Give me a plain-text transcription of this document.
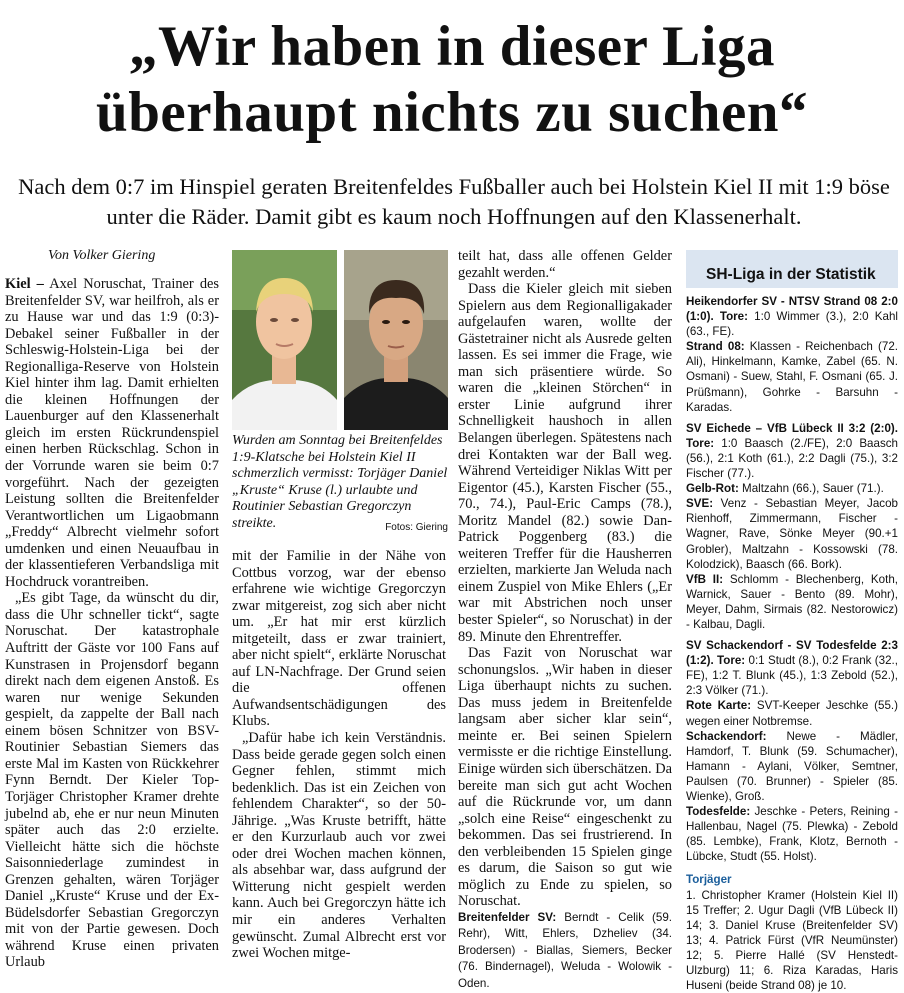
„Wir haben in dieser Liga
überhaupt nichts zu suchen“
Nach dem 0:7 im Hinspiel geraten Breitenfeldes Fußballer auch bei Holstein Kiel II mit 1:9 böse unter die Räder. Damit gibt es kaum noch Hoffnungen auf den Klassenerhalt.
Von Volker Giering

Kiel – Axel Noruschat, Trainer des Breitenfelder SV, war heilfroh, als er zu Hause war und das 1:9 (0:3)-Debakel seiner Fußballer in der Schleswig-Holstein-Liga bei der Regionalliga-Reserve von Holstein Kiel hinter ihm lag. Damit erhielten die kleinen Hoffnungen der Lauenburger auf den Klassenerhalt gleich im ersten Rückrundenspiel einen herben Rückschlag. Schon in der Vorrunde waren sie beim 0:7 vorgeführt. Nach der gezeigten Leistung sollten die Breitenfelder Verantwortlichen um Ligaobmann „Freddy“ Albrecht vielmehr sofort umdenken und einen Neuaufbau in der klassentieferen Verbandsliga mit Hochdruck vorantreiben.

„Es gibt Tage, da wünscht du dir, dass die Uhr schneller tickt“, sagte Noruschat. Der katastrophale Auftritt der Gäste vor 100 Fans auf Kunstrasen in Projensdorf begann direkt nach dem eigenen Anstoß. Es waren nur wenige Sekunden gespielt, da zappelte der Ball nach einem bösen Schnitzer von BSV-Routinier Sebastian Siemers das erste Mal im Kasten von Rückkehrer Fynn Berndt. Der Kieler Top-Torjäger Christopher Kramer drehte jubelnd ab, ehe er nur neun Minuten später auch das 2:0 erzielte. Vielleicht hätte sich die höchste Saisonniederlage zumindest in Grenzen gehalten, wären Torjäger Daniel „Kruste“ Kruse und der Ex-Büdelsdorfer Sebastian Gregorczyn mit von der Partie gewesen. Doch während Kruse einen privaten Urlaub

Wurden am Sonntag bei Breitenfeldes 1:9-Klatsche bei Holstein Kiel II schmerzlich vermisst: Torjäger Daniel „Kruste“ Kruse (l.) urlaubte und Routinier Sebastian Gregorczyn streikte.	Fotos: Giering

mit der Familie in der Nähe von Cottbus vorzog, war der ebenso erfahrene wie wichtige Gregorczyn zwar mitgereist, zog sich aber nicht um. „Er hat mir erst kürzlich mitgeteilt, dass er zwar trainiert, aber nicht spielt“, erklärte Noruschat auf LN-Nachfrage. Der Grund seien die offenen Aufwandsentschädigungen des Klubs.

„Dafür habe ich kein Verständnis. Dass beide gerade gegen solch einen Gegner fehlen, stimmt mich bedenklich. Das ist ein Zeichen von fehlendem Charakter“, so der 50-Jährige. „Was Kruste betrifft, hätte er den Kurzurlaub auch vor zwei oder drei Wochen machen können, als absehbar war, dass aufgrund der Witterung nicht gespielt werden kann. Auch bei Gregorczyn hätte ich mir ein anderes Verhalten gewünscht. Zumal Albrecht erst vor zwei Wochen mitge-

teilt hat, dass alle offenen Gelder gezahlt werden.“

Dass die Kieler gleich mit sieben Spielern aus dem Regionalligakader aufgelaufen waren, wollte der Gästetrainer nicht als Ausrede gelten lassen. Es sei immer die Frage, wie man sich präsentiere würde. So waren die „kleinen Störchen“ in erster Linie aufgrund ihrer Schnelligkeit haushoch in allen Belangen überlegen. Spätestens nach drei Kontakten war der Ball weg. Während Verteidiger Niklas Witt per Eigentor (45.), Karsten Fischer (55., 70., 74.), Paul-Eric Camps (78.), Moritz Mandel (82.) sowie Dan-Patrick Poggenberg (83.) die weiteren Treffer für die Hausherren erzielten, markierte Jan Weluda nach einem Zuspiel von Mike Ehlers („Er war mit Abstrichen noch unser bester Spieler“, so Noruschat) in der 89. Minute den Ehrentreffer.

Das Fazit von Noruschat war schonungslos. „Wir haben in dieser Liga überhaupt nichts zu suchen. Das muss jedem in Breitenfelde langsam aber sicher klar sein“, meinte er. Bei seinen Spielern vermisste er die richtige Einstellung. Einige würden sich überschätzen. Da bereite man sich gut acht Wochen auf die Rückrunde vor, um dann „solch eine Reise“ eingeschenkt zu bekommen. Das sei frustrierend. In den verbleibenden 15 Spielen ginge es darum, die Saison so gut wie möglich zu Ende zu spielen, so Noruschat.

Breitenfelder SV: Berndt - Celik (59. Rehr), Witt, Ehlers, Dzheliev (34. Brodersen) - Biallas, Siemers, Becker (76. Bindernagel), Weluda - Wolowik - Oden.

SH-Liga in der Statistik
Heikendorfer SV - NTSV Strand 08 2:0 (1:0). Tore: 1:0 Wimmer (3.), 2:0 Kahl (63., FE).
Strand 08: Klassen - Reichenbach (72. Ali), Hinkelmann, Kamke, Zabel (65. N. Osmani) - Suew, Stahl, F. Osmani (65. J. Prüßmann), Gohrke - Barsuhn - Karadas.
SV Eichede – VfB Lübeck II 3:2 (2:0). Tore: 1:0 Baasch (2./FE), 2:0 Baasch (56.), 2:1 Koth (61.), 2:2 Dagli (75.), 3:2 Fischer (77.).
Gelb-Rot: Maltzahn (66.), Sauer (71.).
SVE: Venz - Sebastian Meyer, Jacob Rienhoff, Zimmermann, Fischer - Wagner, Rave, Sönke Meyer (90.+1 Grobler), Maltzahn - Kossowski (78. Kolodzick), Baasch (66. Bork).
VfB II: Schlomm - Blechenberg, Koth, Warnick, Sauer - Bento (89. Mohr), Meyer, Dahm, Sirmais (82. Nestorowicz) - Kalbau, Dagli.
SV Schackendorf - SV Todesfelde 2:3 (1:2). Tore: 0:1 Studt (8.), 0:2 Frank (32., FE), 1:2 T. Blunk (45.), 1:3 Zebold (52.), 2:3 Völker (71.).
Rote Karte: SVT-Keeper Jeschke (55.) wegen einer Notbremse.
Schackendorf: Newe - Mädler, Hamdorf, T. Blunk (59. Schumacher), Hamann - Aylani, Völker, Semtner, Paulsen (70. Brunner) - Spieler (85. Wienke), Groß.
Todesfelde: Jeschke - Peters, Reining - Hallenbau, Nagel (75. Plewka) - Zebold (85. Lembke), Frank, Klotz, Bernoth - Lübcke, Studt (55. Holst).
Torjäger
1. Christopher Kramer (Holstein Kiel II) 15 Treffer; 2. Ugur Dagli (VfB Lübeck II) 14; 3. Daniel Kruse (Breitenfelder SV) 13; 4. Patrick Fürst (VfR Neumünster) 12; 5. Pierre Hallé (SV Henstedt-Ulzburg) 11; 6. Riza Karadas, Haris Huseni (beide Strand 08) je 10.
